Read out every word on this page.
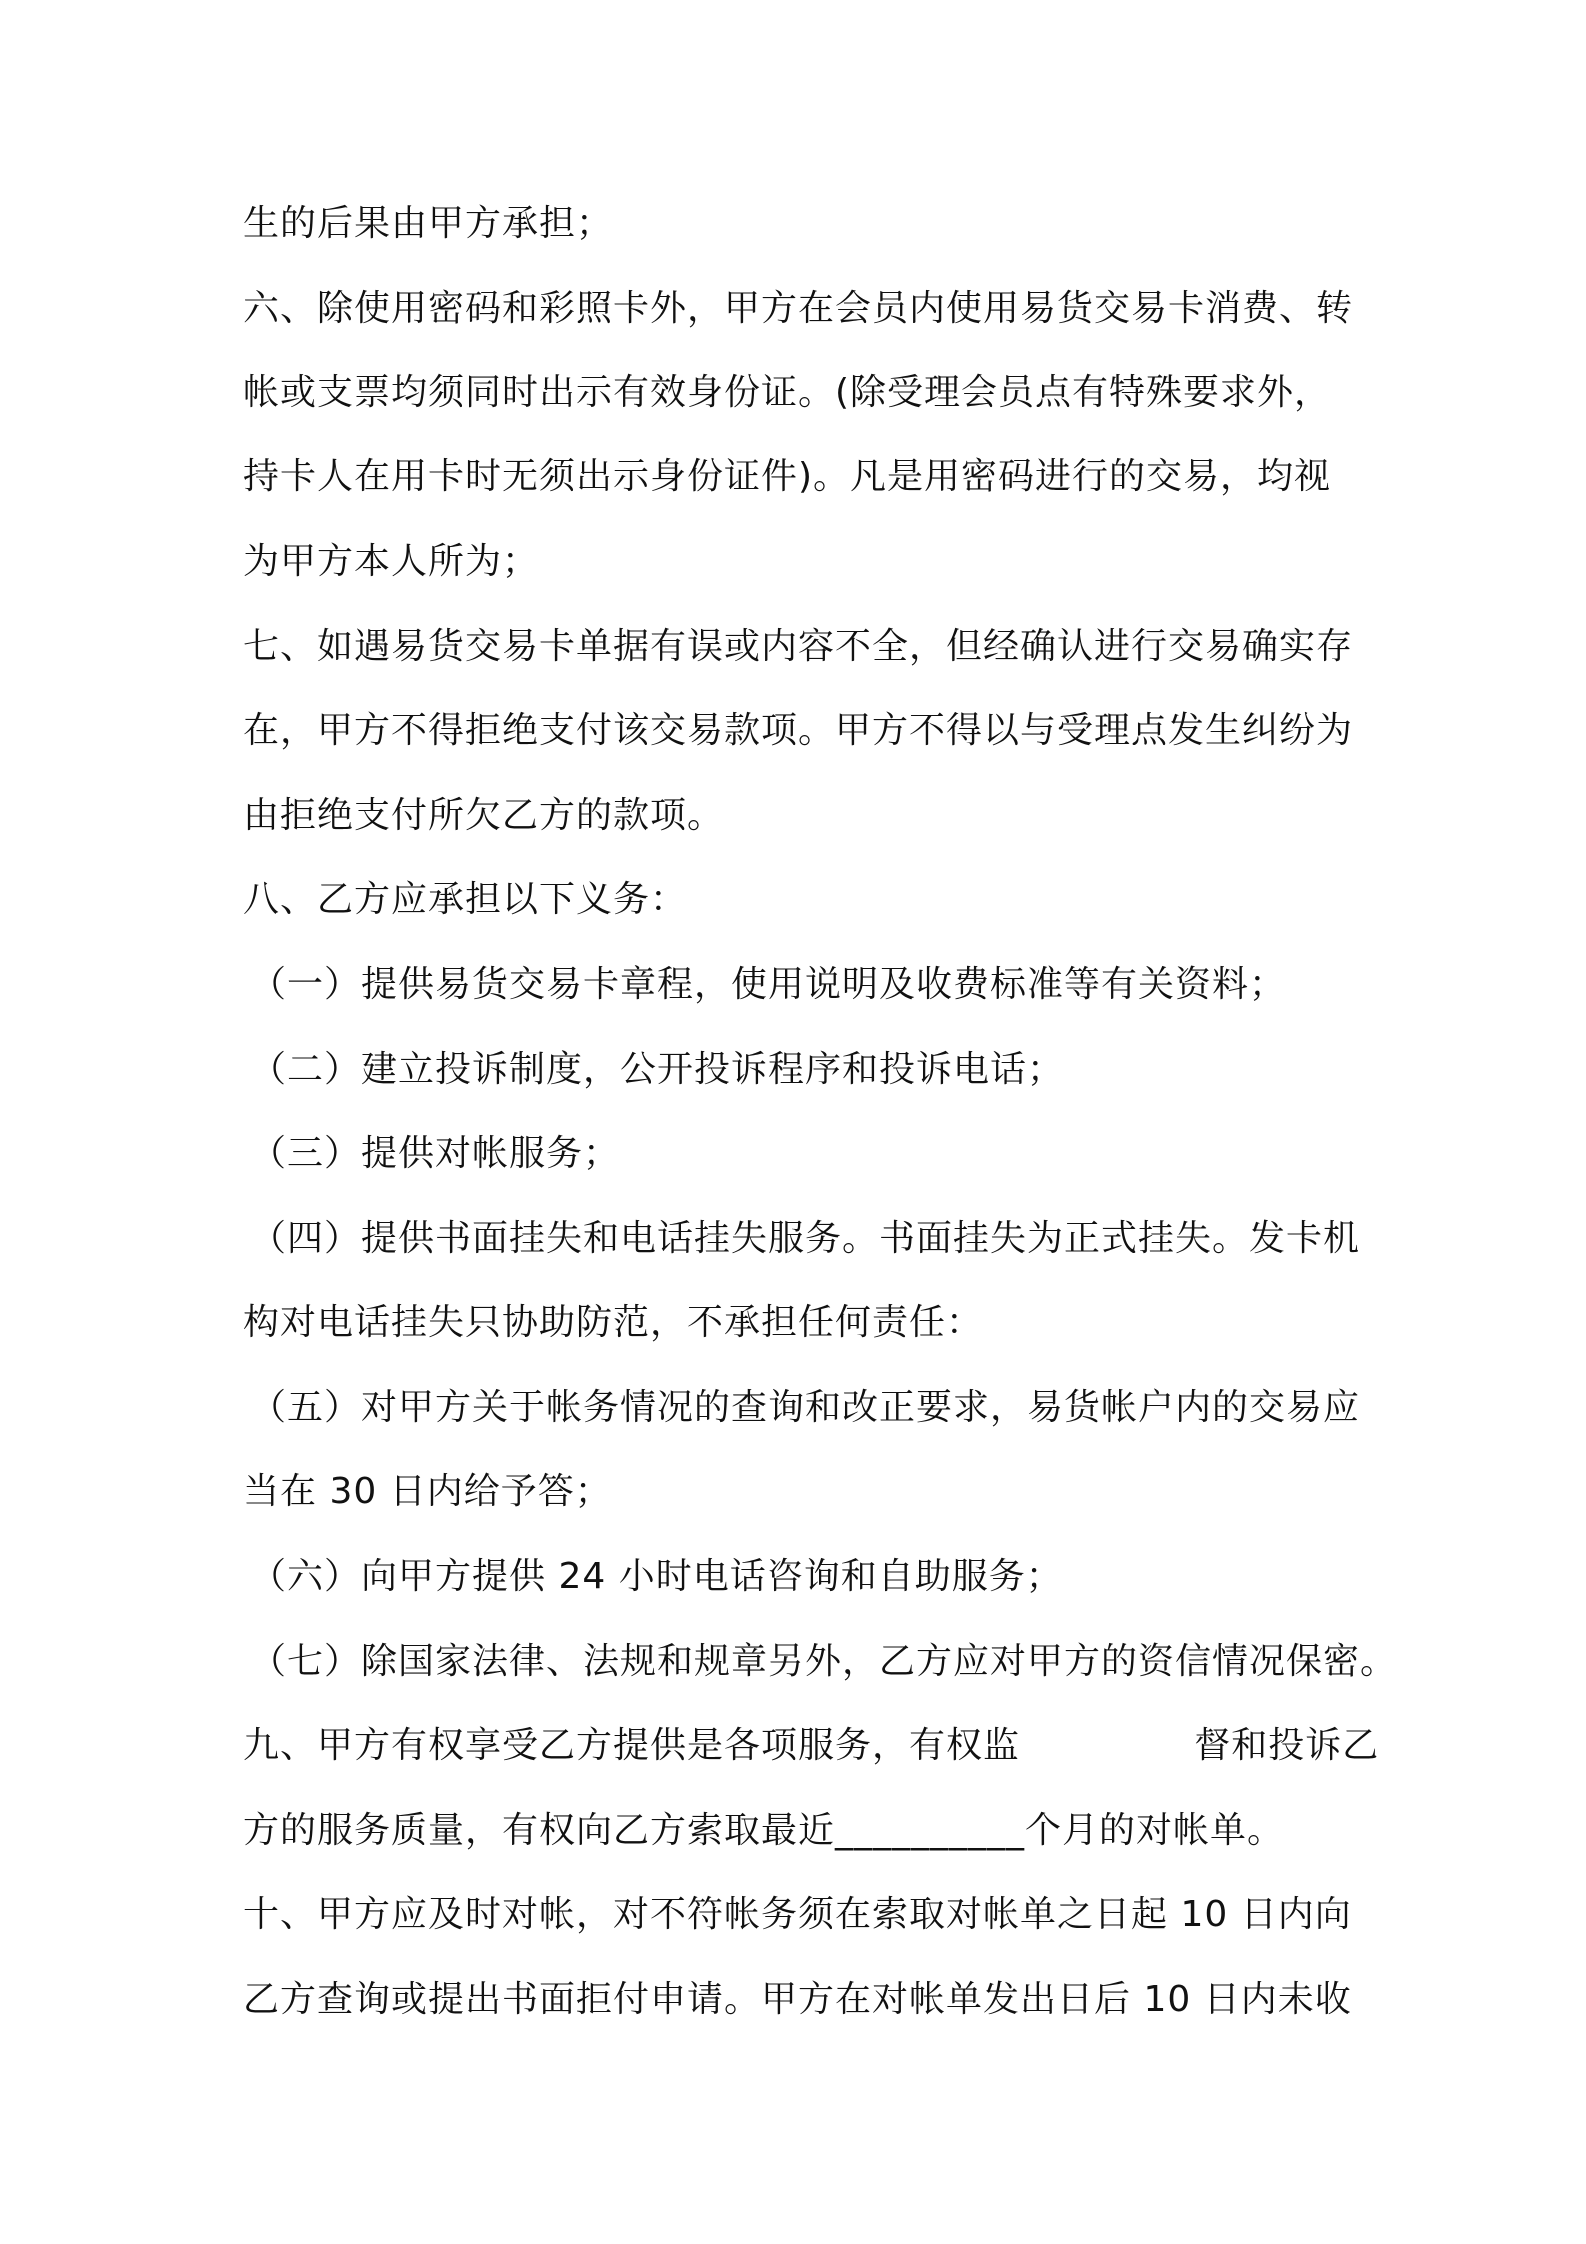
生的后果由甲方承担；
六、除使用密码和彩照卡外，甲方在会员内使用易货交易卡消费、转
帐或支票均须同时出示有效身份证。(除受理会员点有特殊要求外，
持卡人在用卡时无须出示身份证件)。凡是用密码进行的交易，均视
为甲方本人所为；
七、如遇易货交易卡单据有误或内容不全，但经确认进行交易确实存
在，甲方不得拒绝支付该交易款项。甲方不得以与受理点发生纠纷为
由拒绝支付所欠乙方的款项。
八、乙方应承担以下义务：
（一）提供易货交易卡章程，使用说明及收费标准等有关资料；
（二）建立投诉制度，公开投诉程序和投诉电话；
（三）提供对帐服务；
（四）提供书面挂失和电话挂失服务。书面挂失为正式挂失。发卡机
构对电话挂失只协助防范，不承担任何责任：
（五）对甲方关于帐务情况的查询和改正要求，易货帐户内的交易应
当在 30 日内给予答；
（六）向甲方提供 24 小时电话咨询和自助服务；
（七）除国家法律、法规和规章另外，乙方应对甲方的资信情况保密。
九、甲方有权享受乙方提供是各项服务，有权监              督和投诉乙
方的服务质量，有权向乙方索取最近__________个月的对帐单。
十、甲方应及时对帐，对不符帐务须在索取对帐单之日起 10 日内向
乙方查询或提出书面拒付申请。甲方在对帐单发出日后 10 日内未收
